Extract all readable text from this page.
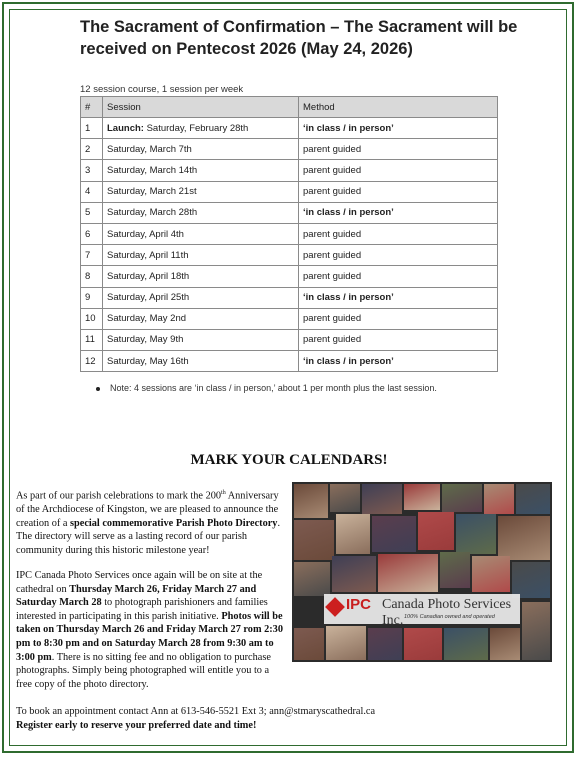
The Sacrament of Confirmation – The Sacrament will be received on Pentecost 2026 (May 24, 2026)
12 session course, 1 session per week
#	Session	Method
1	Launch: Saturday, February 28th	‘in class / in person’
2	Saturday, March 7th	parent guided
3	Saturday, March 14th	parent guided
4	Saturday, March 21st	parent guided
5	Saturday, March 28th	‘in class / in person’
6	Saturday, April 4th	parent guided
7	Saturday, April 11th	parent guided
8	Saturday, April 18th	parent guided
9	Saturday, April 25th	‘in class / in person’
10	Saturday, May 2nd	parent guided
11	Saturday, May 9th	parent guided
12	Saturday, May 16th	‘in class / in person’
Note: 4 sessions are ‘in class / in person,’ about 1 per month plus the last session.
MARK YOUR CALENDARS!

As part of our parish celebrations to mark the 200th Anniversary of the Archdiocese of Kingston, we are pleased to announce the creation of a special commemorative Parish Photo Directory. The directory will serve as a lasting record of our parish community during this historic milestone year!

IPC Canada Photo Services once again will be on site at the cathedral on Thursday March 26, Friday March 27 and Saturday March 28 to photograph parishioners and families interested in participating in this parish initiative. Photos will be taken on Thursday March 26 and Friday March 27 rom 2:30 pm to 8:30 pm and on Saturday March 28 from 9:30 am to 3:00 pm. There is no sitting fee and no obligation to purchase photographs. Simply being photographed will entitle you to a free copy of the photo directory.

To book an appointment contact Ann at 613-546-5521 Ext 3; ann@stmaryscathedral.ca
Register early to reserve your preferred date and time!

IPC Canada Photo Services Inc. 100% Canadian owned and operated
